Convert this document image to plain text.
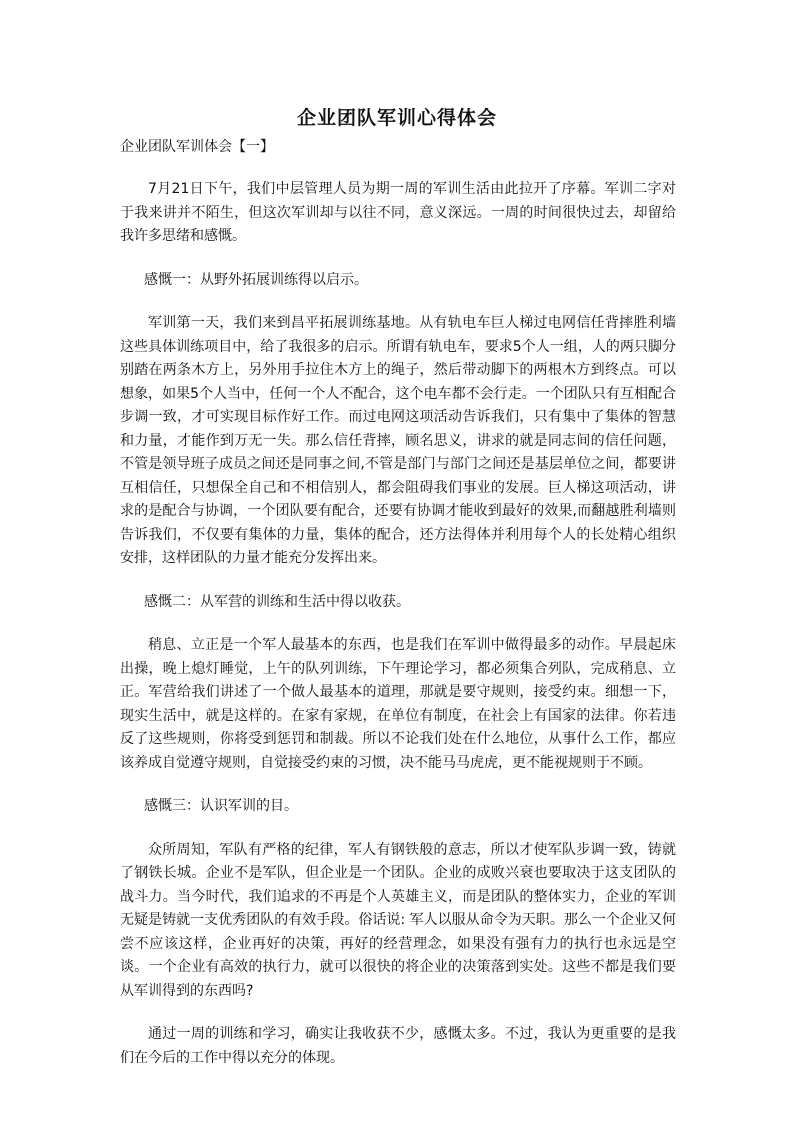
企业团队军训心得体会
企业团队军训体会【一】

7月21日下午，我们中层管理人员为期一周的军训生活由此拉开了序幕。军训二字对于我来讲并不陌生，但这次军训却与以往不同，意义深远。一周的时间很快过去，却留给我许多思绪和感慨。

感慨一：从野外拓展训练得以启示。

军训第一天，我们来到昌平拓展训练基地。从有轨电车巨人梯过电网信任背摔胜利墙这些具体训练项目中，给了我很多的启示。所谓有轨电车，要求5个人一组，人的两只脚分别踏在两条木方上，另外用手拉住木方上的绳子，然后带动脚下的两根木方到终点。可以想象，如果5个人当中，任何一个人不配合，这个电车都不会行走。一个团队只有互相配合步调一致，才可实现目标作好工作。而过电网这项活动告诉我们，只有集中了集体的智慧和力量，才能作到万无一失。那么信任背摔，顾名思义，讲求的就是同志间的信任问题，不管是领导班子成员之间还是同事之间,不管是部门与部门之间还是基层单位之间，都要讲互相信任，只想保全自己和不相信别人，都会阻碍我们事业的发展。巨人梯这项活动，讲求的是配合与协调，一个团队要有配合，还要有协调才能收到最好的效果,而翻越胜利墙则告诉我们，不仅要有集体的力量，集体的配合，还方法得体并利用每个人的长处精心组织安排，这样团队的力量才能充分发挥出来。

感慨二：从军营的训练和生活中得以收获。

稍息、立正是一个军人最基本的东西，也是我们在军训中做得最多的动作。早晨起床出操，晚上熄灯睡觉，上午的队列训练，下午理论学习，都必须集合列队，完成稍息、立正。军营给我们讲述了一个做人最基本的道理，那就是要守规则，接受约束。细想一下，现实生活中，就是这样的。在家有家规，在单位有制度，在社会上有国家的法律。你若违反了这些规则，你将受到惩罚和制裁。所以不论我们处在什么地位，从事什么工作，都应该养成自觉遵守规则，自觉接受约束的习惯，决不能马马虎虎，更不能视规则于不顾。

感慨三：认识军训的目。

众所周知，军队有严格的纪律，军人有钢铁般的意志，所以才使军队步调一致，铸就了钢铁长城。企业不是军队，但企业是一个团队。企业的成败兴衰也要取决于这支团队的战斗力。当今时代，我们追求的不再是个人英雄主义，而是团队的整体实力，企业的军训无疑是铸就一支优秀团队的有效手段。俗话说: 军人以服从命令为天职。那么一个企业又何尝不应该这样，企业再好的决策，再好的经营理念，如果没有强有力的执行也永远是空谈。一个企业有高效的执行力，就可以很快的将企业的决策落到实处。这些不都是我们要从军训得到的东西吗?

通过一周的训练和学习，确实让我收获不少，感慨太多。不过，我认为更重要的是我们在今后的工作中得以充分的体现。
